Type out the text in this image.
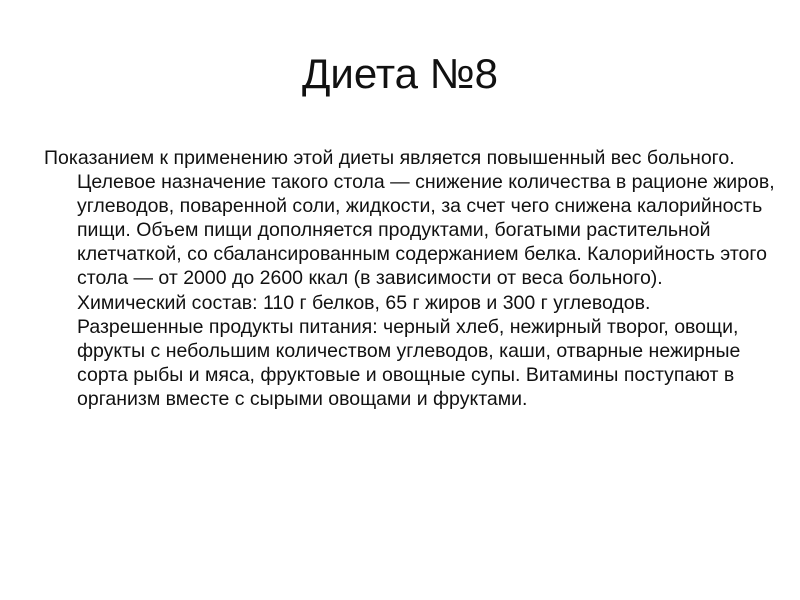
Диета №8

Показанием к применению этой диеты является повышенный вес больного. Целевое назначение такого стола — снижение количества в рационе жиров, углеводов, поваренной соли, жидкости, за счет чего снижена калорийность пищи. Объем пищи дополняется продуктами, богатыми растительной клетчаткой, со сбалансированным содержанием белка. Калорийность этого стола — от 2000 до 2600 ккал (в зависимости от веса больного). Химический состав: 110 г белков, 65 г жиров и 300 г углеводов. Разрешенные продукты питания: черный хлеб, нежирный творог, овощи, фрукты с небольшим количеством углеводов, каши, отварные нежирные сорта рыбы и мяса, фруктовые и овощные супы. Витамины поступают в организм вместе с сырыми овощами и фруктами.
